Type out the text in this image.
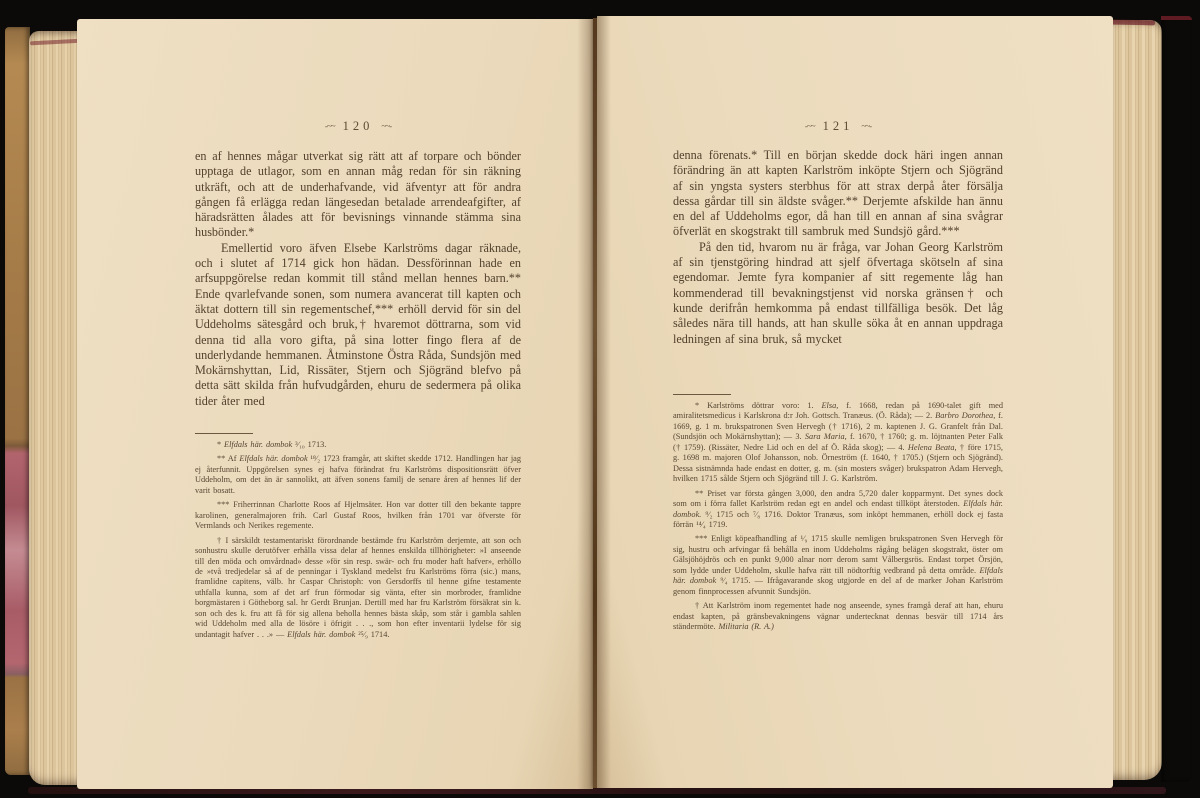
-~~ 120 ~~-

en af hennes mågar utverkat sig rätt att af torpare och bönder upptaga de utlagor, som en annan måg redan för sin räkning utkräft, och att de underhafvande, vid äfventyr att för andra gången få erlägga redan längesedan betalade arrendeafgifter, af häradsrätten ålades att för bevisnings vinnande stämma sina husbönder.*

Emellertid voro äfven Elsebe Karlströms dagar räknade, och i slutet af 1714 gick hon hädan. Dessförinnan hade en arfsuppgörelse redan kommit till stånd mellan hennes barn.** Ende qvarlefvande sonen, som numera avancerat till kapten och äktat dottern till sin regementschef,*** erhöll dervid för sin del Uddeholms sätesgård och bruk,† hvaremot döttrarna, som vid denna tid alla voro gifta, på sina lotter fingo flera af de underlydande hemmanen. Åtminstone Östra Råda, Sundsjön med Mokärnshyttan, Lid, Rissäter, Stjern och Sjögränd blefvo på detta sätt skilda från hufvudgården, ehuru de sedermera på olika tider åter med

* Elfdals här. dombok ³⁄₁₀ 1713.

** Af Elfdals här. dombok ¹⁸⁄₂ 1723 framgår, att skiftet skedde 1712. Handlingen har jag ej återfunnit. Uppgörelsen synes ej hafva förändrat fru Karlströms dispositionsrätt öfver Uddeholm, om det än är sannolikt, att äfven sonens familj de senare åren af hennes lif der varit bosatt.

*** Friherrinnan Charlotte Roos af Hjelmsäter. Hon var dotter till den bekante tappre karolinen, generalmajoren frih. Carl Gustaf Roos, hvilken från 1701 var öfverste för Vermlands och Nerikes regemente.

† I särskildt testamentariskt förordnande bestämde fru Karlström derjemte, att son och sonhustru skulle derutöfver erhålla vissa delar af hennes enskilda tillhörigheter: »I anseende till den möda och omvårdnad» desse »för sin resp. swär- och fru moder haft hafver», erhöllo de »två tredjedelar så af de penningar i Tyskland medelst fru Karlströms förra (sic.) mans, framlidne capitens, välb. hr Caspar Christoph: von Gersdorffs til henne gifne testamente uthfalla kunna, som af det arf frun förmodar sig vänta, efter sin morbroder, framlidne borgmästaren i Götheborg sal. hr Gerdt Brunjan. Dertill med har fru Karlström försäkrat sin k. son och des k. fru att få för sig allena beholla hennes bästa skåp, som står i gambla sahlen wid Uddeholm med alla de lösöre i öfrigit . . ., som hon efter inventarii lydelse för sig undantagit hafver . . .» — Elfdals här. dombok ²⁵⁄₉ 1714.

-~~ 121 ~~-

denna förenats.* Till en början skedde dock häri ingen annan förändring än att kapten Karlström inköpte Stjern och Sjögränd af sin yngsta systers sterbhus för att strax derpå åter försälja dessa gårdar till sin äldste svåger.** Derjemte afskilde han ännu en del af Uddeholms egor, då han till en annan af sina svågrar öfverlät en skogstrakt till sambruk med Sundsjö gård.***

På den tid, hvarom nu är fråga, var Johan Georg Karlström af sin tjenstgöring hindrad att sjelf öfvertaga skötseln af sina egendomar. Jemte fyra kompanier af sitt regemente låg han kommenderad till bevakningstjenst vid norska gränsen† och kunde derifrån hemkomma på endast tillfälliga besök. Det låg således nära till hands, att han skulle söka åt en annan uppdraga ledningen af sina bruk, så mycket

* Karlströms döttrar voro: 1. Elsa, f. 1668, redan på 1690-talet gift med amiralitetsmedicus i Karlskrona d:r Joh. Gottsch. Tranæus. (Ö. Råda); — 2. Barbro Dorothea, f. 1669, g. 1 m. brukspatronen Sven Hervegh († 1716), 2 m. kaptenen J. G. Granfelt från Dal. (Sundsjön och Mokärnshyttan); — 3. Sara Maria, f. 1670, † 1760; g. m. löjtnanten Peter Falk († 1759). (Rissäter, Nedre Lid och en del af Ö. Råda skog); — 4. Helena Beata, † före 1715, g. 1698 m. majoren Olof Johansson, nob. Örneström (f. 1640, † 1705.) (Stjern och Sjögränd). Dessa sistnämnda hade endast en dotter, g. m. (sin mosters svåger) brukspatron Adam Hervegh, hvilken 1715 sålde Stjern och Sjögränd till J. G. Karlström.

** Priset var första gången 3,000, den andra 5,720 daler kopparmynt. Det synes dock som om i förra fallet Karlström redan egt en andel och endast tillköpt återstoden. Elfdals här. dombok. ⁹⁄₂ 1715 och ⁷⁄₈ 1716. Doktor Tranæus, som inköpt hemmanen, erhöll dock ej fasta förrän ¹⁴⁄₄ 1719.

*** Enligt köpeafhandling af ¹⁄₉ 1715 skulle nemligen brukspatronen Sven Hervegh för sig, hustru och arfvingar få behålla en inom Uddeholms rågång belägen skogstrakt, öster om Gälsjöhöjdrös och en punkt 9,000 alnar norr derom samt Vålbergsrös. Endast torpet Örsjön, som lydde under Uddeholm, skulle hafva rätt till nödtorftig vedbrand på detta område. Elfdals här. dombok ⁹⁄₄ 1715. — Ifrågavarande skog utgjorde en del af de marker Johan Karlström genom finnprocessen afvunnit Sundsjön.

† Att Karlström inom regementet hade nog anseende, synes framgå deraf att han, ehuru endast kapten, på gränsbevakningens vägnar undertecknat dennas besvär till 1714 års ständermöte. Militaria (R. A.)
